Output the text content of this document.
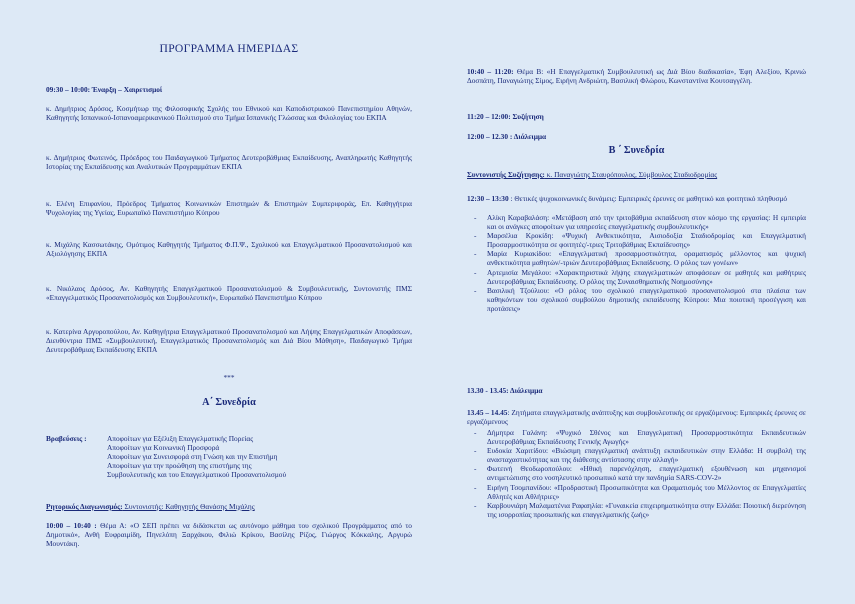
ΠΡΟΓΡΑΜΜΑ ΗΜΕΡΙΔΑΣ

09:30 – 10:00: Έναρξη – Χαιρετισμοί

κ. Δημήτριος Δρόσος, Κοσμήτωρ της Φιλοσοφικής Σχολής του Εθνικού και Καποδιστριακού Πανεπιστημίου Αθηνών, Καθηγητής Ισπανικού-Ισπανοαμερικανικού Πολιτισμού στο Τμήμα Ισπανικής Γλώσσας και Φιλολογίας του ΕΚΠΑ

κ. Δημήτριος Φωτεινός, Πρόεδρος του Παιδαγωγικού Τμήματος Δευτεροβάθμιας Εκπαίδευσης, Αναπληρωτής Καθηγητής Ιστορίας της Εκπαίδευσης και Αναλυτικών Προγραμμάτων ΕΚΠΑ

κ. Ελένη Επιφανίου, Πρόεδρος Τμήματος Κοινωνικών Επιστημών & Επιστημών Συμπεριφοράς, Επ. Καθηγήτρια Ψυχολογίας της Υγείας, Ευρωπαϊκό Πανεπιστήμιο Κύπρου

κ. Μιχάλης Κασσωτάκης, Ομότιμος Καθηγητής Τμήματος Φ.Π.Ψ., Σχολικού και Επαγγελματικού Προσανατολισμού και Αξιολόγησης ΕΚΠΑ

κ. Νικόλαος Δρόσος, Αν. Καθηγητής Επαγγελματικού Προσανατολισμού & Συμβουλευτικής, Συντονιστής ΠΜΣ «Επαγγελματικός Προσανατολισμός και Συμβουλευτική», Ευρωπαϊκό Πανεπιστήμιο Κύπρου

κ. Κατερίνα Αργυροπούλου, Αν. Καθηγήτρια Επαγγελματικού Προσανατολισμού και Λήψης Επαγγελματικών Αποφάσεων, Διευθύντρια ΠΜΣ «Συμβουλευτική, Επαγγελματικός Προσανατολισμός και Διά Βίου Μάθηση», Παιδαγωγικό Τμήμα Δευτεροβάθμιας Εκπαίδευσης ΕΚΠΑ

***

Α΄ Συνεδρία

Βραβεύσεις :	Αποφοίτων για Εξέλιξη Επαγγελματικής Πορείας
Αποφοίτων για Κοινωνική Προσφορά
Αποφοίτων για Συνεισφορά στη Γνώση και την Επιστήμη
Αποφοίτων για την προώθηση της επιστήμης της
Συμβουλευτικής και του Επαγγελματικού Προσανατολισμού

Ρητορικός Διαγωνισμός: Συντονιστής: Καθηγητής Θανάσης Μιχάλης

10:00 – 10:40 : Θέμα Α: «Ο ΣΕΠ πρέπει να διδάσκεται ως αυτόνομο μάθημα του σχολικού Προγράμματος από το Δημοτικό», Ανθή Ευφραιμίδη, Πηνελόπη Ξαρχάκου, Φιλιώ Κρίκου, Βασίλης Ρίζος, Γιώργος Κόκκαλης, Αργυρώ Μουντάκη.

10:40 – 11:20: Θέμα Β: «Η Επαγγελματική Συμβουλευτική ως Διά Βίου διαδικασία», Έφη Αλεξίου, Κρινιώ Δοσπάτη, Παναγιώτης Σίμος, Ειρήνη Ανδριώτη, Βασιλική Φλώρου, Κωνσταντίνα Κουτσαγγέλη.

11:20 – 12:00: Συζήτηση

12:00 – 12.30 : Διάλειμμα

Β ΄ Συνεδρία

Συντονιστής Συζήτησης: κ. Παναγιώτης Σταυρόπουλος, Σύμβουλος Σταδιοδρομίας

12:30 – 13:30 : Θετικές ψυχοκοινωνικές δυνάμεις: Εμπειρικές έρευνες σε μαθητικό και φοιτητικό πληθυσμό

- Αλίκη Καραβαλάση: «Μετάβαση από την τριτοβάθμια εκπαίδευση στον κόσμο της εργασίας: Η εμπειρία και οι ανάγκες αποφοίτων για υπηρεσίες επαγγελματικής συμβουλευτικής»
- Μαρσέλια Κροκίδη: «Ψυχική Ανθεκτικότητα, Αισιοδοξία Σταδιοδρομίας και Επαγγελματική Προσαρμοστικότητα σε φοιτητές/-τριες Τριτοβάθμιας Εκπαίδευσης»
- Μαρία Κυριακίδου: «Επαγγελματική προσαρμοστικότητα, οραματισμός μέλλοντος και ψυχική ανθεκτικότητα μαθητών/-τριών Δευτεροβάθμιας Εκπαίδευσης. Ο ρόλος των γονέων»
- Αρτεμισία Μεγάλου: «Χαρακτηριστικά λήψης επαγγελματικών αποφάσεων σε μαθητές και μαθήτριες Δευτεροβάθμιας Εκπαίδευσης. Ο ρόλος της Συναισθηματικής Νοημοσύνης»
- Βασιλική Τζούλιου: «Ο ρόλος του σχολικού επαγγελματικού προσανατολισμού στα πλαίσια των καθηκόντων του σχολικού συμβούλου δημοτικής εκπαίδευσης Κύπρου: Μια ποιοτική προσέγγιση και προτάσεις»

13.30 - 13.45: Διάλειμμα

13.45 – 14.45: Ζητήματα επαγγελματικής ανάπτυξης και συμβουλευτικής σε εργαζόμενους: Εμπειρικές έρευνες σε εργαζόμενους

- Δήμητρα Γαλάνη: «Ψυχικό Σθένος και Επαγγελματική Προσαρμοστικότητα Εκπαιδευτικών Δευτεροβάθμιας Εκπαίδευσης Γενικής Αγωγής»
- Ευδοκία Χαριτίδου: «Βιώσιμη επαγγελματική ανάπτυξη εκπαιδευτικών στην Ελλάδα: Η συμβολή της ανασταχαστικότητας και της διάθεσης αντίστασης στην αλλαγή»
- Φωτεινή Θεοδωροπούλου: «Ηθική παρενόχληση, επαγγελματική εξουθένωση και μηχανισμοί αντιμετώπισης στο νοσηλευτικό προσωπικό κατά την πανδημία SARS-COV-2»
- Ειρήνη Τσομπανίδου: «Προδραστική Προσωπικότητα και Οραματισμός του Μέλλοντος σε Επαγγελματίες Αθλητές και Αθλήτριες»
- Καρβουνιάρη Μαλαματένια Ραφαηλία: «Γυναικεία επιχειρηματικότητα στην Ελλάδα: Ποιοτική διερεύνηση της ισορροπίας προσωπικής και επαγγελματικής ζωής»
